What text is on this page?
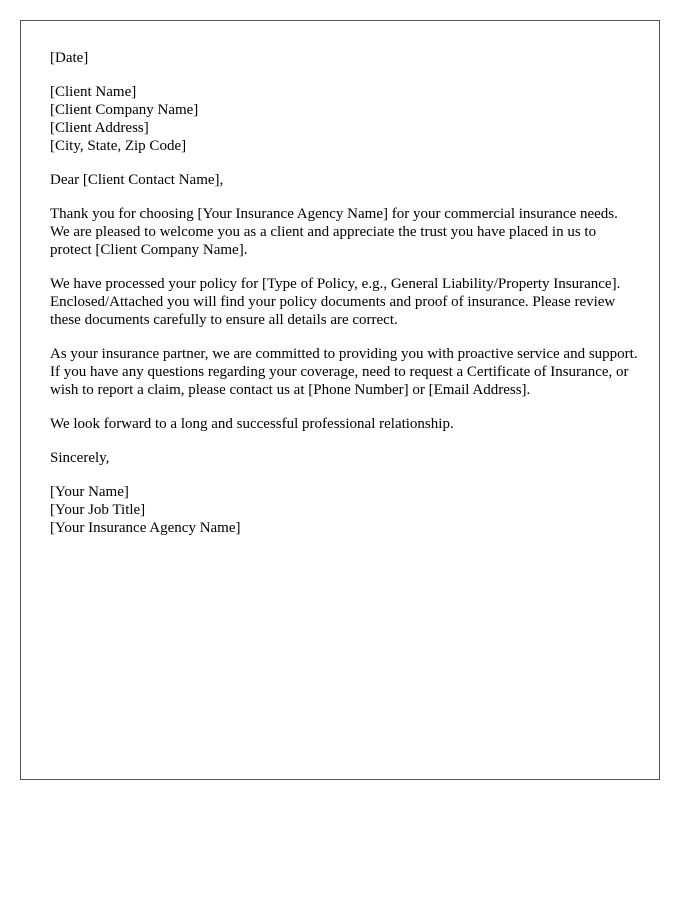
[Date]
[Client Name]
[Client Company Name]
[Client Address]
[City, State, Zip Code]
Dear [Client Contact Name],

Thank you for choosing [Your Insurance Agency Name] for your commercial insurance needs. We are pleased to welcome you as a client and appreciate the trust you have placed in us to protect [Client Company Name].

We have processed your policy for [Type of Policy, e.g., General Liability/Property Insurance]. Enclosed/Attached you will find your policy documents and proof of insurance. Please review these documents carefully to ensure all details are correct.

As your insurance partner, we are committed to providing you with proactive service and support. If you have any questions regarding your coverage, need to request a Certificate of Insurance, or wish to report a claim, please contact us at [Phone Number] or [Email Address].

We look forward to a long and successful professional relationship.

Sincerely,
[Your Name]
[Your Job Title]
[Your Insurance Agency Name]
